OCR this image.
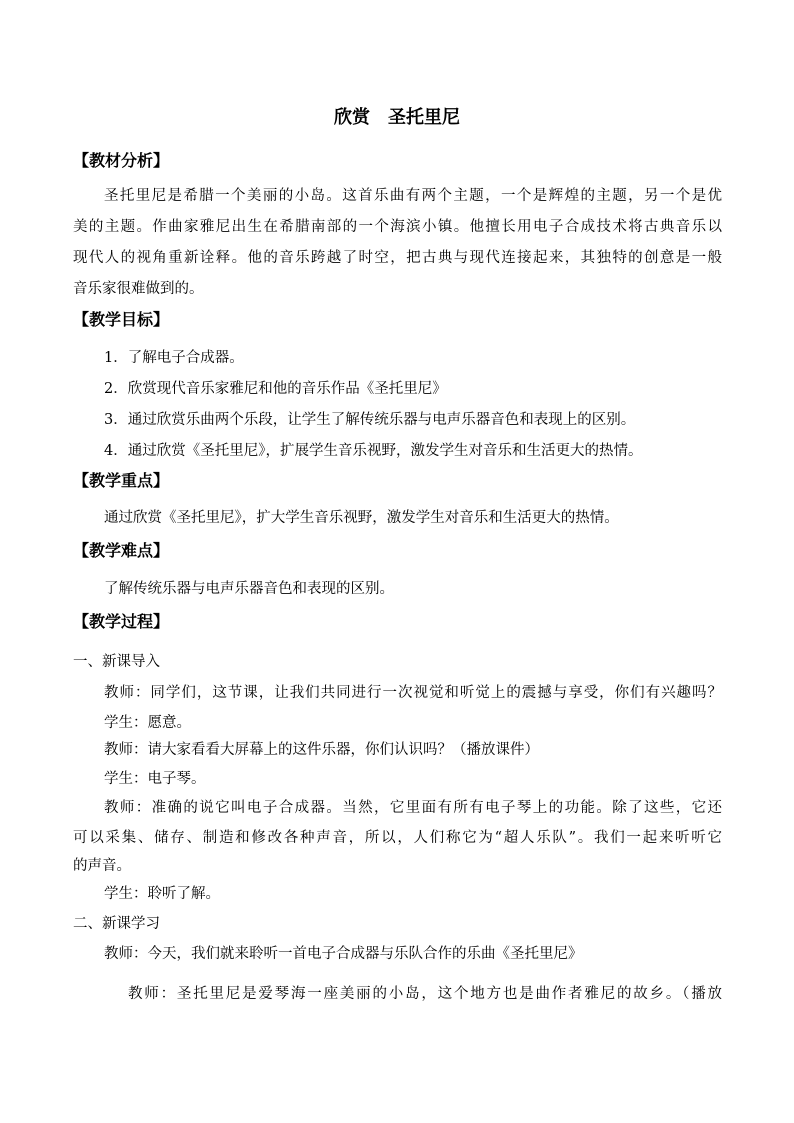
欣赏　圣托里尼
【教材分析】
圣托里尼是希腊一个美丽的小岛。这首乐曲有两个主题，一个是辉煌的主题，另一个是优
美的主题。作曲家雅尼出生在希腊南部的一个海滨小镇。他擅长用电子合成技术将古典音乐以
现代人的视角重新诠释。他的音乐跨越了时空，把古典与现代连接起来，其独特的创意是一般
音乐家很难做到的。
【教学目标】
1．了解电子合成器。
2．欣赏现代音乐家雅尼和他的音乐作品《圣托里尼》
3．通过欣赏乐曲两个乐段，让学生了解传统乐器与电声乐器音色和表现上的区别。
4．通过欣赏《圣托里尼》，扩展学生音乐视野，激发学生对音乐和生活更大的热情。
【教学重点】
通过欣赏《圣托里尼》，扩大学生音乐视野，激发学生对音乐和生活更大的热情。
【教学难点】
了解传统乐器与电声乐器音色和表现的区别。
【教学过程】
一、新课导入
教师：同学们，这节课，让我们共同进行一次视觉和听觉上的震撼与享受，你们有兴趣吗？
学生：愿意。
教师：请大家看看大屏幕上的这件乐器，你们认识吗？（播放课件）
学生：电子琴。
教师：准确的说它叫电子合成器。当然，它里面有所有电子琴上的功能。除了这些，它还
可以采集、储存、制造和修改各种声音，所以，人们称它为“超人乐队”。我们一起来听听它
的声音。
学生：聆听了解。
二、新课学习
教师：今天，我们就来聆听一首电子合成器与乐队合作的乐曲《圣托里尼》
教师：圣托里尼是爱琴海一座美丽的小岛，这个地方也是曲作者雅尼的故乡。（播放
